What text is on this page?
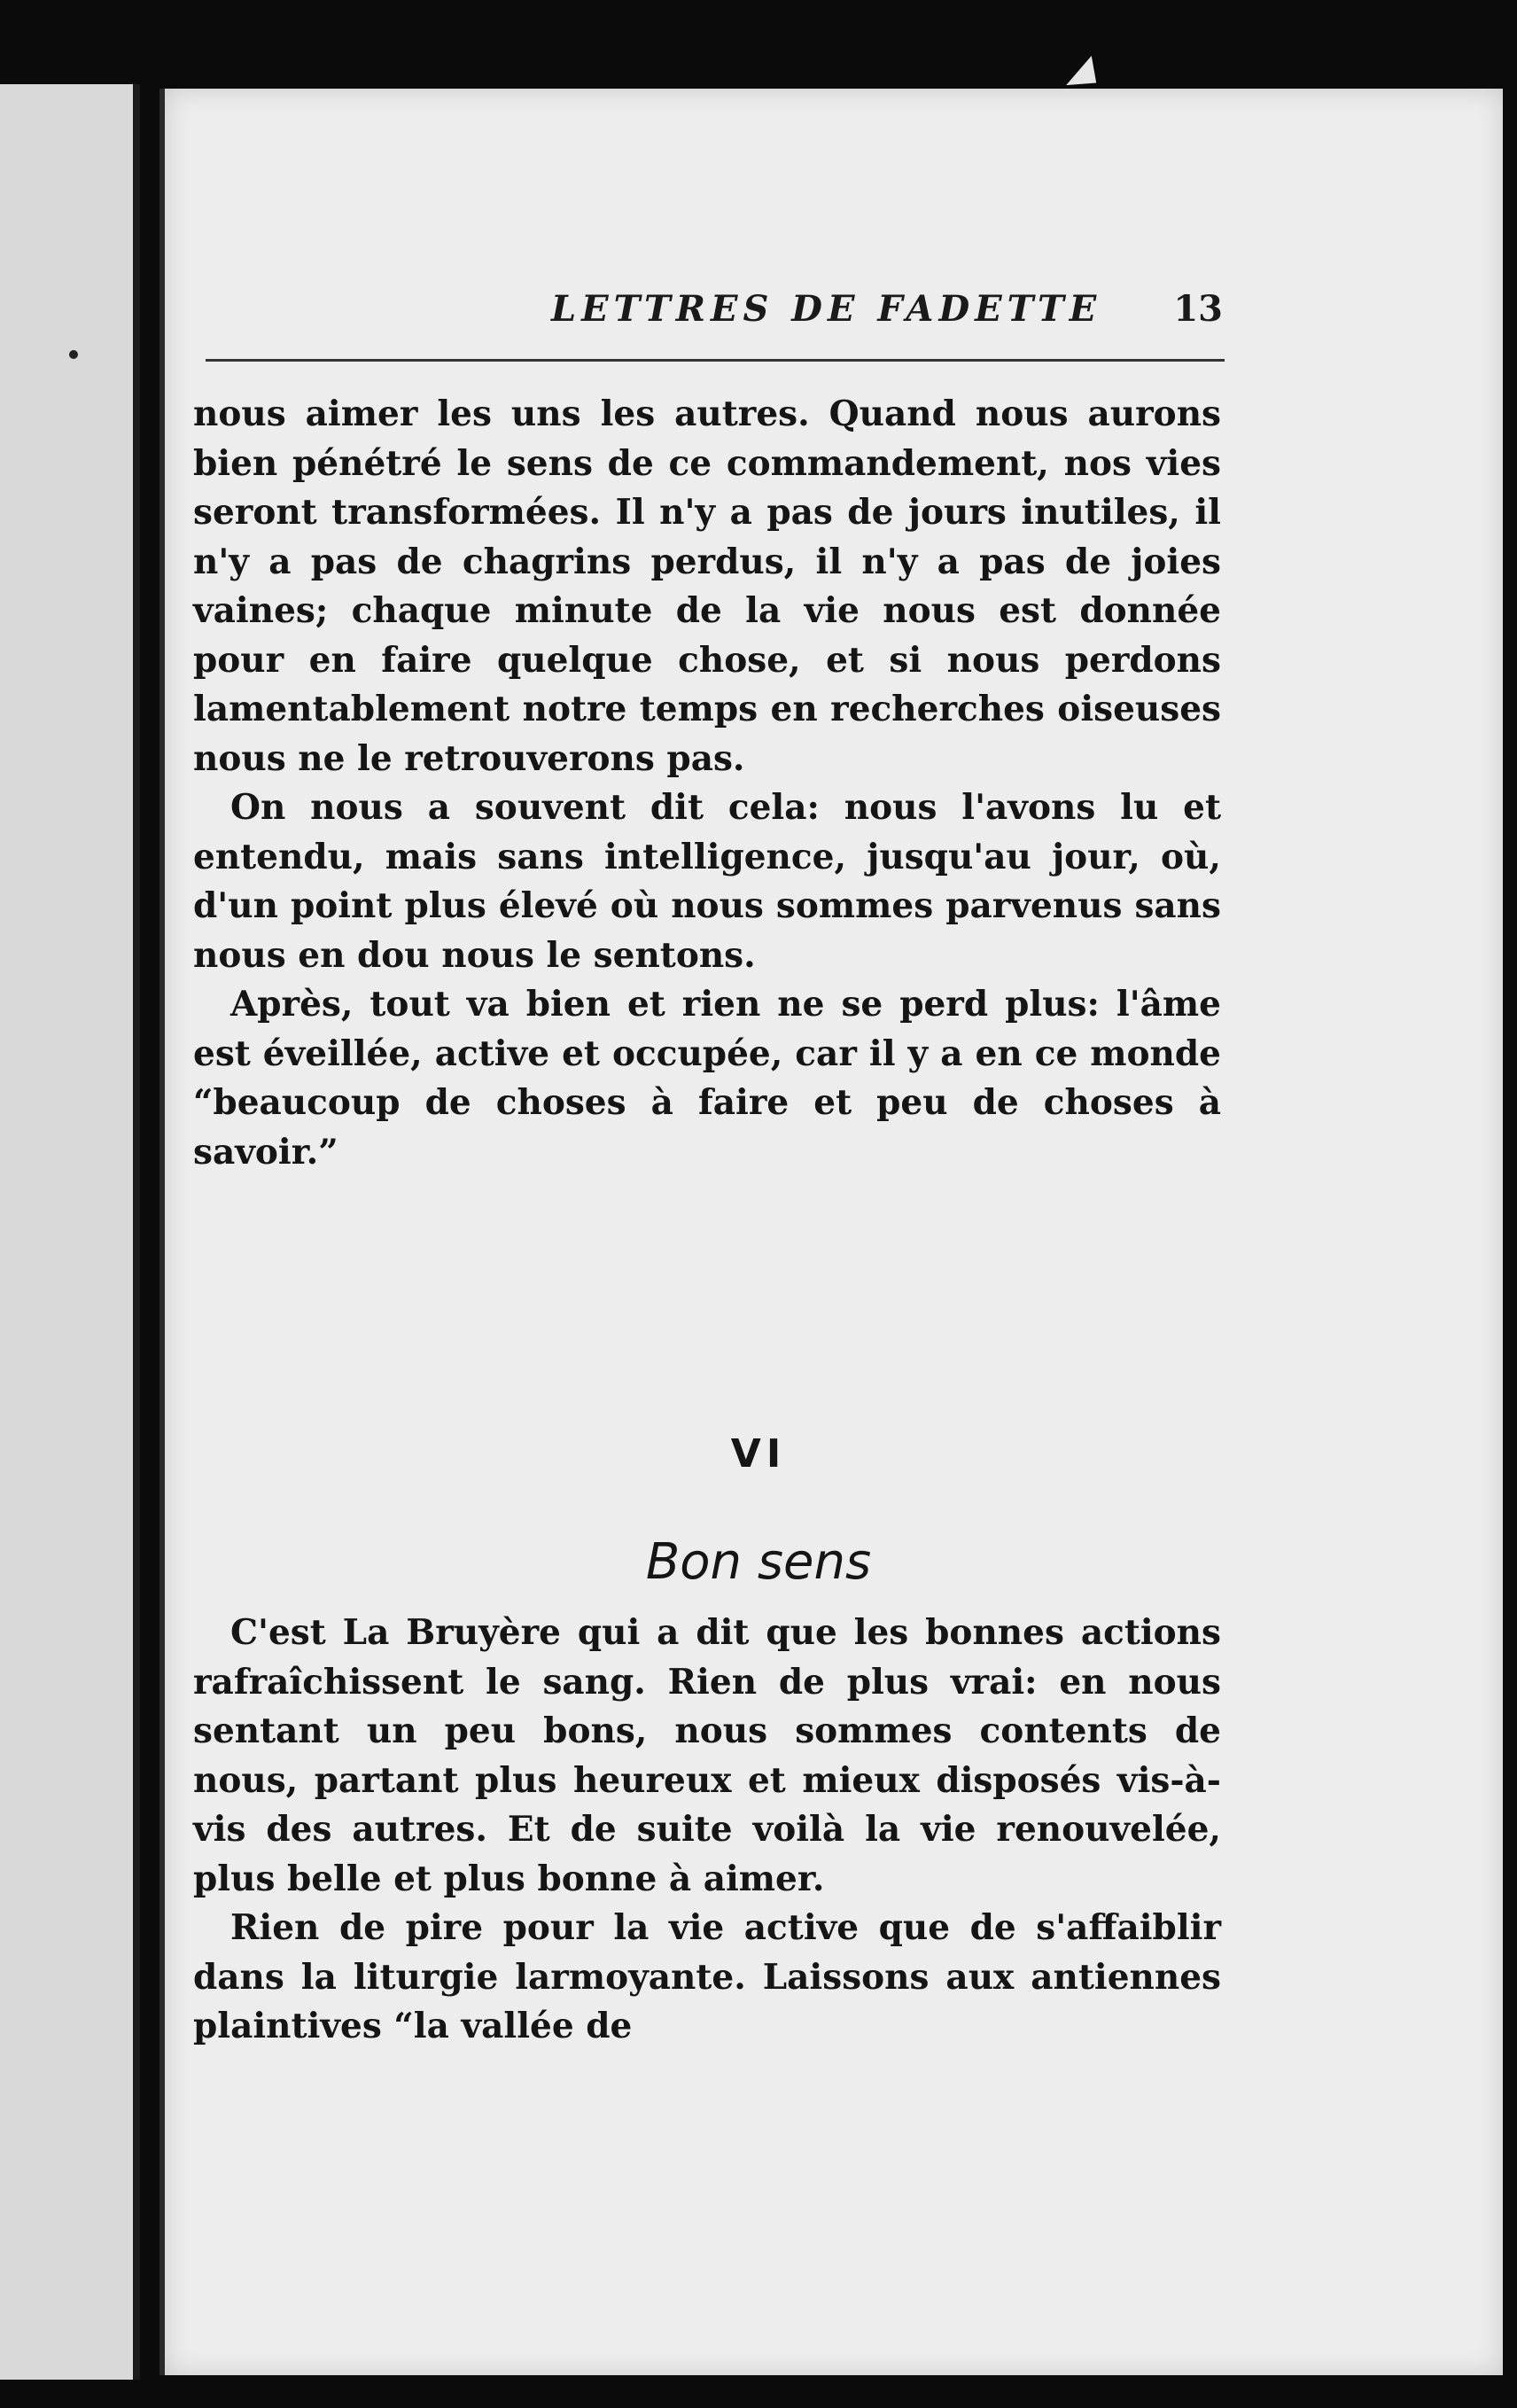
LETTRES DE FADETTE 13

nous aimer les uns les autres. Quand nous aurons bien pénétré le sens de ce commandement, nos vies seront transformées. Il n'y a pas de jours inutiles, il n'y a pas de chagrins perdus, il n'y a pas de joies vaines; chaque minute de la vie nous est donnée pour en faire quelque chose, et si nous perdons lamentablement notre temps en recherches oiseuses nous ne le retrouverons pas.

On nous a souvent dit cela: nous l'avons lu et entendu, mais sans intelligence, jusqu'au jour, où, d'un point plus élevé où nous sommes parvenus sans nous en dou nous le sentons.

Après, tout va bien et rien ne se perd plus: l'âme est éveillée, active et occupée, car il y a en ce monde “beaucoup de choses à faire et peu de choses à savoir.”

VI
Bon sens

C'est La Bruyère qui a dit que les bonnes actions rafraîchissent le sang. Rien de plus vrai: en nous sentant un peu bons, nous sommes contents de nous, partant plus heureux et mieux disposés vis-à-vis des autres. Et de suite voilà la vie renouvelée, plus belle et plus bonne à aimer.

Rien de pire pour la vie active que de s'affaiblir dans la liturgie larmoyante. Laissons aux antiennes plaintives “la vallée de
